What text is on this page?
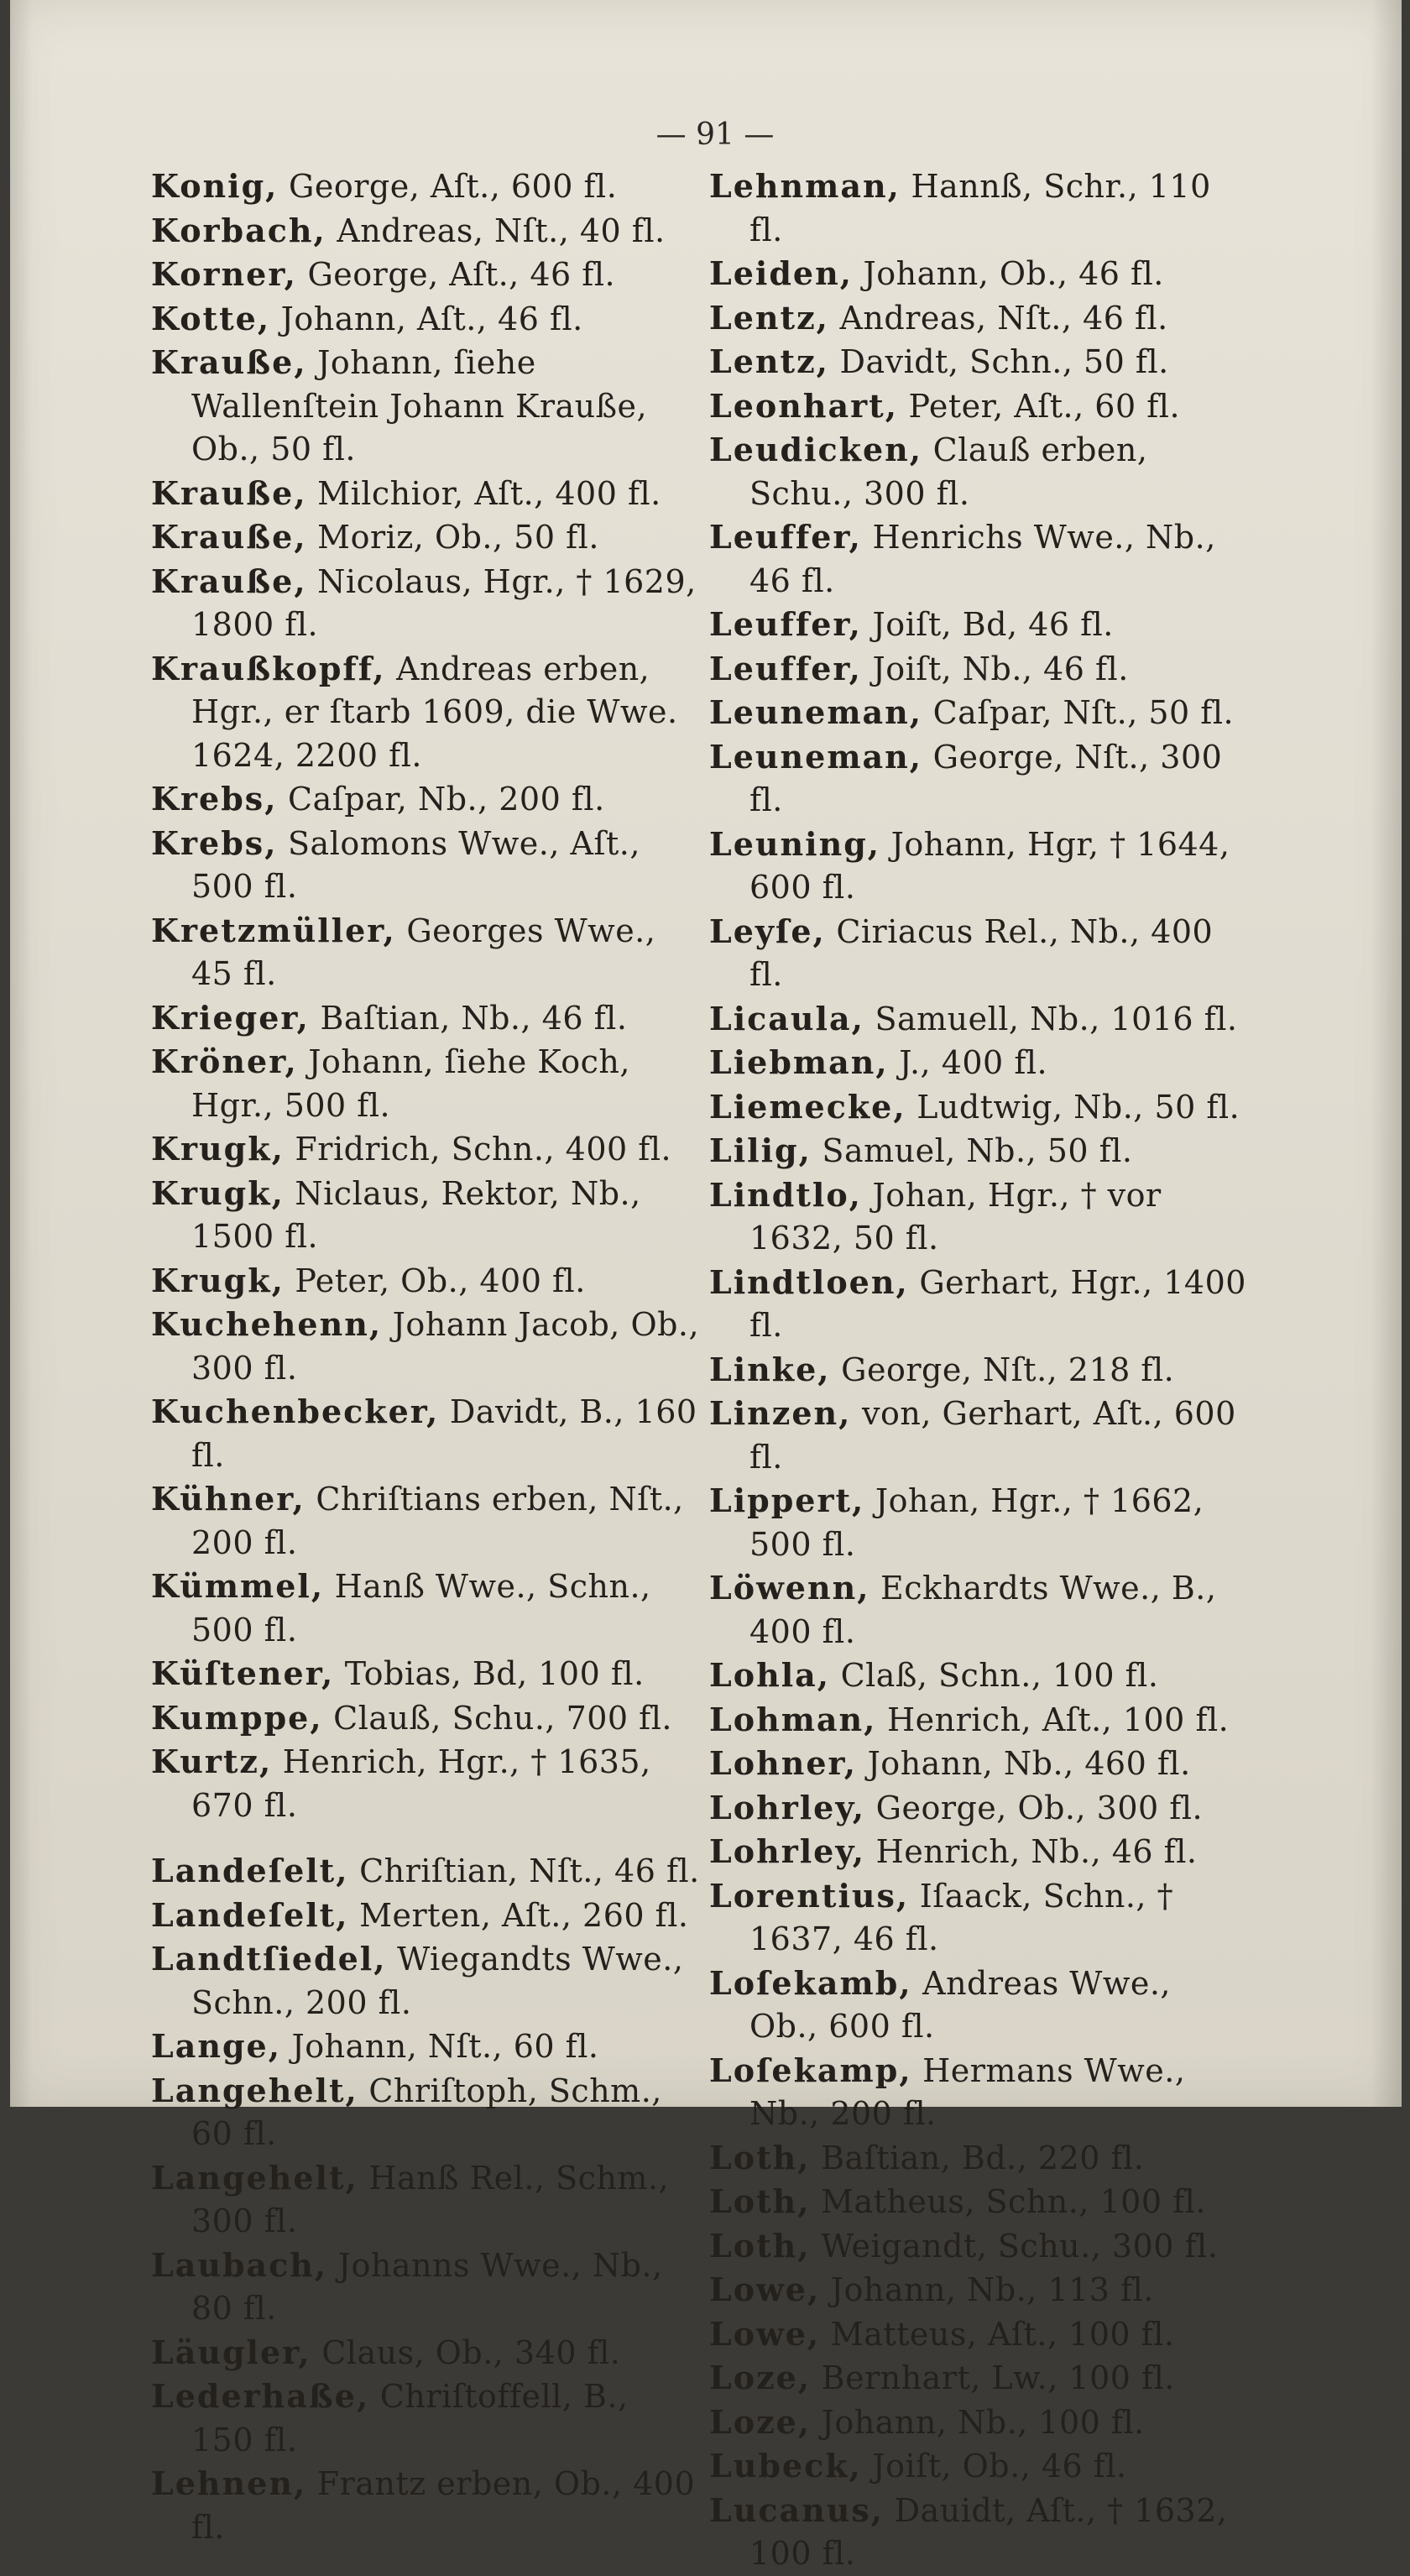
— 91 —
Konig, George, Aſt., 600 fl.
Korbach, Andreas, Nſt., 40 fl.
Korner, George, Aſt., 46 fl.
Kotte, Johann, Aſt., 46 fl.
Krauße, Johann, ſiehe Wallenſtein Johann Krauße, Ob., 50 fl.
Krauße, Milchior, Aſt., 400 fl.
Krauße, Moriz, Ob., 50 fl.
Krauße, Nicolaus, Hgr., † 1629, 1800 fl.
Kraußkopff, Andreas erben, Hgr., er ſtarb 1609, die Wwe. 1624, 2200 fl.
Krebs, Caſpar, Nb., 200 fl.
Krebs, Salomons Wwe., Aſt., 500 fl.
Kretzmüller, Georges Wwe., 45 fl.
Krieger, Baſtian, Nb., 46 fl.
Kröner, Johann, ſiehe Koch, Hgr., 500 fl.
Krugk, Fridrich, Schn., 400 fl.
Krugk, Niclaus, Rektor, Nb., 1500 fl.
Krugk, Peter, Ob., 400 fl.
Kuchehenn, Johann Jacob, Ob., 300 fl.
Kuchenbecker, Davidt, B., 160 fl.
Kühner, Chriſtians erben, Nſt., 200 fl.
Kümmel, Hanß Wwe., Schn., 500 fl.
Küſtener, Tobias, Bd, 100 fl.
Kumppe, Clauß, Schu., 700 fl.
Kurtz, Henrich, Hgr., † 1635, 670 fl.
Landeſelt, Chriſtian, Nſt., 46 fl.
Landeſelt, Merten, Aſt., 260 fl.
Landtſiedel, Wiegandts Wwe., Schn., 200 fl.
Lange, Johann, Nſt., 60 fl.
Langehelt, Chriſtoph, Schm., 60 fl.
Langehelt, Hanß Rel., Schm., 300 fl.
Laubach, Johanns Wwe., Nb., 80 fl.
Läugler, Claus, Ob., 340 fl.
Lederhaße, Chriſtoffell, B., 150 fl.
Lehnen, Frantz erben, Ob., 400 fl.
Lehnman, Hannß, Schr., 110 fl.
Leiden, Johann, Ob., 46 fl.
Lentz, Andreas, Nſt., 46 fl.
Lentz, Davidt, Schn., 50 fl.
Leonhart, Peter, Aſt., 60 fl.
Leudicken, Clauß erben, Schu., 300 fl.
Leuffer, Henrichs Wwe., Nb., 46 fl.
Leuffer, Joiſt, Bd, 46 fl.
Leuffer, Joiſt, Nb., 46 fl.
Leuneman, Caſpar, Nſt., 50 fl.
Leuneman, George, Nſt., 300 fl.
Leuning, Johann, Hgr, † 1644, 600 fl.
Leyſe, Ciriacus Rel., Nb., 400 fl.
Licaula, Samuell, Nb., 1016 fl.
Liebman, J., 400 fl.
Liemecke, Ludtwig, Nb., 50 fl.
Lilig, Samuel, Nb., 50 fl.
Lindtlo, Johan, Hgr., † vor 1632, 50 fl.
Lindtloen, Gerhart, Hgr., 1400 fl.
Linke, George, Nſt., 218 fl.
Linzen, von, Gerhart, Aſt., 600 fl.
Lippert, Johan, Hgr., † 1662, 500 fl.
Löwenn, Eckhardts Wwe., B., 400 fl.
Lohla, Claß, Schn., 100 fl.
Lohman, Henrich, Aſt., 100 fl.
Lohner, Johann, Nb., 460 fl.
Lohrley, George, Ob., 300 fl.
Lohrley, Henrich, Nb., 46 fl.
Lorentius, Iſaack, Schn., † 1637, 46 fl.
Loſekamb, Andreas Wwe., Ob., 600 fl.
Loſekamp, Hermans Wwe., Nb., 200 fl.
Loth, Baſtian, Bd., 220 fl.
Loth, Matheus, Schn., 100 fl.
Loth, Weigandt, Schu., 300 fl.
Lowe, Johann, Nb., 113 fl.
Lowe, Matteus, Aſt., 100 fl.
Loze, Bernhart, Lw., 100 fl.
Loze, Johann, Nb., 100 fl.
Lubeck, Joiſt, Ob., 46 fl.
Lucanus, Dauidt, Aſt., † 1632, 100 fl.
